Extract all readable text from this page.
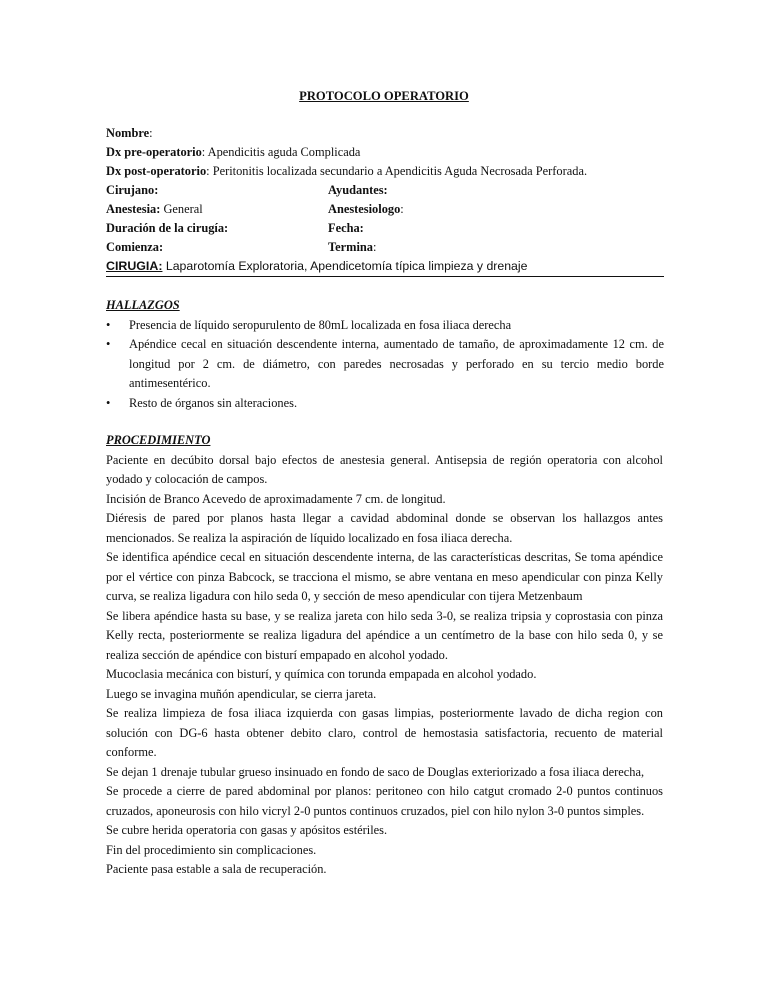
PROTOCOLO OPERATORIO
Nombre:
Dx pre-operatorio: Apendicitis aguda Complicada
Dx post-operatorio: Peritonitis localizada secundario a Apendicitis Aguda Necrosada Perforada.
Cirujano:	Ayudantes:
Anestesia: General	Anestesiologo:
Duración de la cirugía:	Fecha:
Comienza:	Termina:
CIRUGIA: Laparotomía Exploratoria, Apendicetomía típica limpieza y drenaje
HALLAZGOS
• Presencia de líquido seropurulento de 80mL localizada en fosa iliaca derecha
• Apéndice cecal en situación descendente interna, aumentado de tamaño, de aproximadamente 12 cm. de longitud por 2 cm. de diámetro, con paredes necrosadas y perforado en su tercio medio borde antimesentérico.
• Resto de órganos sin alteraciones.
PROCEDIMIENTO

Paciente en decúbito dorsal bajo efectos de anestesia general. Antisepsia de región operatoria con alcohol yodado y colocación de campos.

Incisión de Branco Acevedo de aproximadamente 7 cm. de longitud.

Diéresis de pared por planos hasta llegar a cavidad abdominal donde se observan los hallazgos antes mencionados. Se realiza la aspiración de líquido localizado en fosa iliaca derecha.

Se identifica apéndice cecal en situación descendente interna, de las características descritas, Se toma apéndice por el vértice con pinza Babcock, se tracciona el mismo, se abre ventana en meso apendicular con pinza Kelly curva, se realiza ligadura con hilo seda 0, y sección de meso apendicular con tijera Metzenbaum

Se libera apéndice hasta su base, y se realiza jareta con hilo seda 3-0, se realiza tripsia y coprostasia con pinza Kelly recta, posteriormente se realiza ligadura del apéndice a un centímetro de la base con hilo seda 0, y se realiza sección de apéndice con bisturí empapado en alcohol yodado.

Mucoclasia mecánica con bisturí, y química con torunda empapada en alcohol yodado.

Luego se invagina muñón apendicular, se cierra jareta.

Se realiza limpieza de fosa iliaca izquierda con gasas limpias, posteriormente lavado de dicha region con solución con DG-6 hasta obtener debito claro, control de hemostasia satisfactoria, recuento de material conforme.

Se dejan 1 drenaje tubular grueso insinuado en fondo de saco de Douglas exteriorizado a fosa iliaca derecha,

Se procede a cierre de pared abdominal por planos: peritoneo con hilo catgut cromado 2-0 puntos continuos cruzados, aponeurosis con hilo vicryl 2-0 puntos continuos cruzados, piel con hilo nylon 3-0 puntos simples.

Se cubre herida operatoria con gasas y apósitos estériles.

Fin del procedimiento sin complicaciones.

Paciente pasa estable a sala de recuperación.
